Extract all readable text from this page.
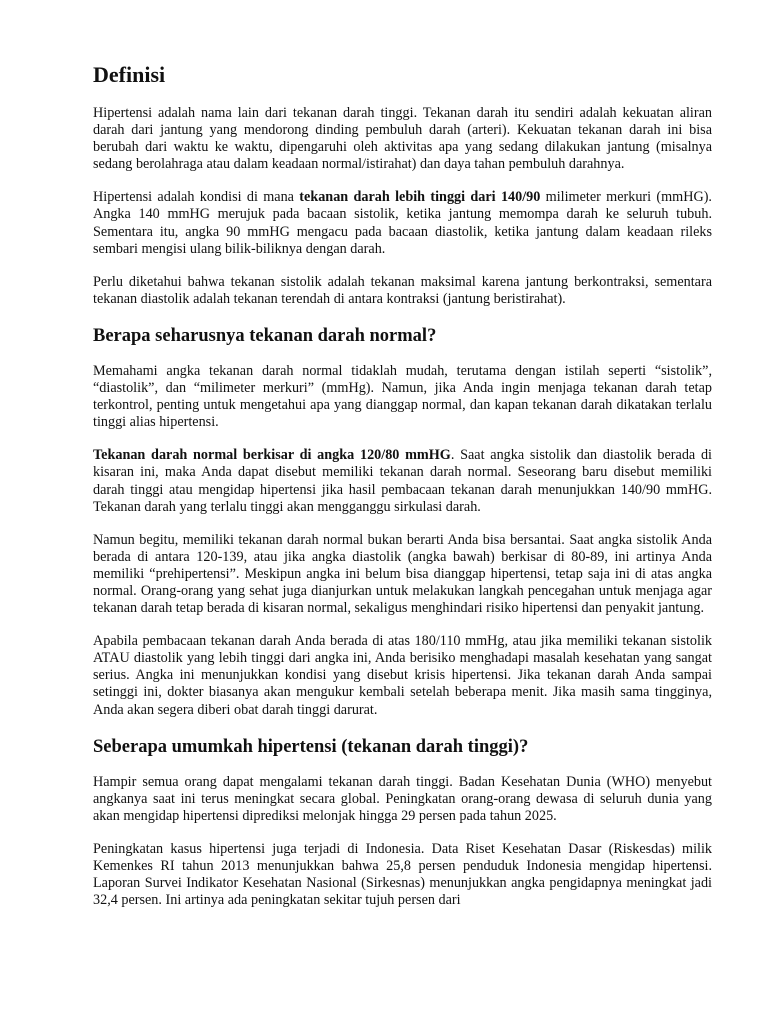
Definisi

Hipertensi adalah nama lain dari tekanan darah tinggi. Tekanan darah itu sendiri adalah kekuatan aliran darah dari jantung yang mendorong dinding pembuluh darah (arteri). Kekuatan tekanan darah ini bisa berubah dari waktu ke waktu, dipengaruhi oleh aktivitas apa yang sedang dilakukan jantung (misalnya sedang berolahraga atau dalam keadaan normal/istirahat) dan daya tahan pembuluh darahnya.

Hipertensi adalah kondisi di mana tekanan darah lebih tinggi dari 140/90 milimeter merkuri (mmHG). Angka 140 mmHG merujuk pada bacaan sistolik, ketika jantung memompa darah ke seluruh tubuh. Sementara itu, angka 90 mmHG mengacu pada bacaan diastolik, ketika jantung dalam keadaan rileks sembari mengisi ulang bilik-biliknya dengan darah.

Perlu diketahui bahwa tekanan sistolik adalah tekanan maksimal karena jantung berkontraksi, sementara tekanan diastolik adalah tekanan terendah di antara kontraksi (jantung beristirahat).

Berapa seharusnya tekanan darah normal?

Memahami angka tekanan darah normal tidaklah mudah, terutama dengan istilah seperti “sistolik”, “diastolik”, dan “milimeter merkuri” (mmHg). Namun, jika Anda ingin menjaga tekanan darah tetap terkontrol, penting untuk mengetahui apa yang dianggap normal, dan kapan tekanan darah dikatakan terlalu tinggi alias hipertensi.

Tekanan darah normal berkisar di angka 120/80 mmHG. Saat angka sistolik dan diastolik berada di kisaran ini, maka Anda dapat disebut memiliki tekanan darah normal. Seseorang baru disebut memiliki darah tinggi atau mengidap hipertensi jika hasil pembacaan tekanan darah menunjukkan 140/90 mmHG. Tekanan darah yang terlalu tinggi akan mengganggu sirkulasi darah.

Namun begitu, memiliki tekanan darah normal bukan berarti Anda bisa bersantai. Saat angka sistolik Anda berada di antara 120-139, atau jika angka diastolik (angka bawah) berkisar di 80-89, ini artinya Anda memiliki “prehipertensi”. Meskipun angka ini belum bisa dianggap hipertensi, tetap saja ini di atas angka normal. Orang-orang yang sehat juga dianjurkan untuk melakukan langkah pencegahan untuk menjaga agar tekanan darah tetap berada di kisaran normal, sekaligus menghindari risiko hipertensi dan penyakit jantung.

Apabila pembacaan tekanan darah Anda berada di atas 180/110 mmHg, atau jika memiliki tekanan sistolik ATAU diastolik yang lebih tinggi dari angka ini, Anda berisiko menghadapi masalah kesehatan yang sangat serius. Angka ini menunjukkan kondisi yang disebut krisis hipertensi. Jika tekanan darah Anda sampai setinggi ini, dokter biasanya akan mengukur kembali setelah beberapa menit. Jika masih sama tingginya, Anda akan segera diberi obat darah tinggi darurat.

Seberapa umumkah hipertensi (tekanan darah tinggi)?

Hampir semua orang dapat mengalami tekanan darah tinggi. Badan Kesehatan Dunia (WHO) menyebut angkanya saat ini terus meningkat secara global. Peningkatan orang-orang dewasa di seluruh dunia yang akan mengidap hipertensi diprediksi melonjak hingga 29 persen pada tahun 2025.

Peningkatan kasus hipertensi juga terjadi di Indonesia. Data Riset Kesehatan Dasar (Riskesdas) milik Kemenkes RI tahun 2013 menunjukkan bahwa 25,8 persen penduduk Indonesia mengidap hipertensi. Laporan Survei Indikator Kesehatan Nasional (Sirkesnas) menunjukkan angka pengidapnya meningkat jadi 32,4 persen. Ini artinya ada peningkatan sekitar tujuh persen dari
